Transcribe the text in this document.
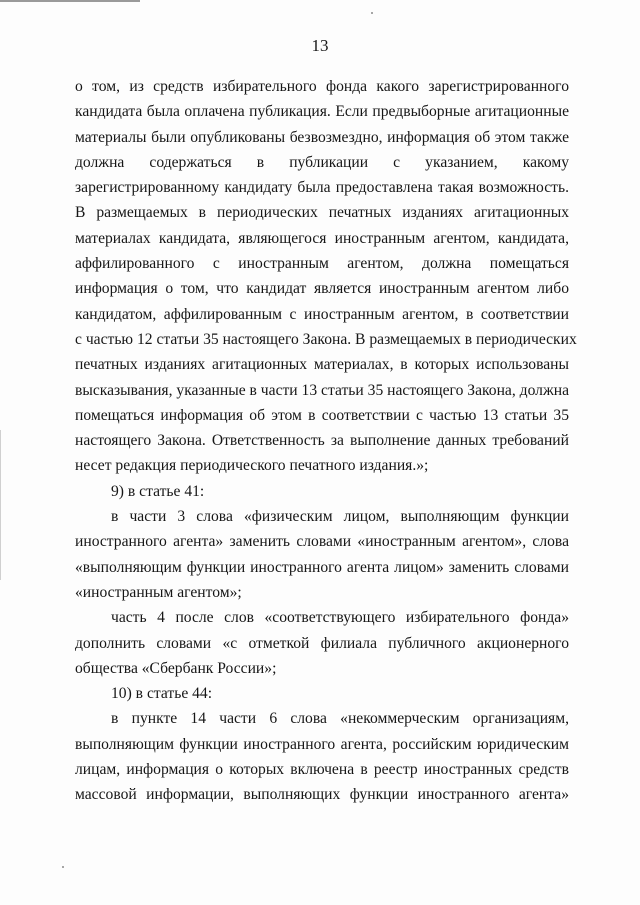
13
о том, из средств избирательного фонда какого зарегистрированного
кандидата была оплачена публикация. Если предвыборные агитационные
материалы были опубликованы безвозмездно, информация об этом также
должна содержаться в публикации с указанием, какому
зарегистрированному кандидату была предоставлена такая возможность.
В размещаемых в периодических печатных изданиях агитационных
материалах кандидата, являющегося иностранным агентом, кандидата,
аффилированного с иностранным агентом, должна помещаться
информация о том, что кандидат является иностранным агентом либо
кандидатом, аффилированным с иностранным агентом, в соответствии
с частью 12 статьи 35 настоящего Закона. В размещаемых в периодических
печатных изданиях агитационных материалах, в которых использованы
высказывания, указанные в части 13 статьи 35 настоящего Закона, должна
помещаться информация об этом в соответствии с частью 13 статьи 35
настоящего Закона. Ответственность за выполнение данных требований
несет редакция периодического печатного издания.»;
9) в статье 41:
в части 3 слова «физическим лицом, выполняющим функции
иностранного агента» заменить словами «иностранным агентом», слова
«выполняющим функции иностранного агента лицом» заменить словами
«иностранным агентом»;
часть 4 после слов «соответствующего избирательного фонда»
дополнить словами «с отметкой филиала публичного акционерного
общества «Сбербанк России»;
10) в статье 44:
в пункте 14 части 6 слова «некоммерческим организациям,
выполняющим функции иностранного агента, российским юридическим
лицам, информация о которых включена в реестр иностранных средств
массовой информации, выполняющих функции иностранного агента»
